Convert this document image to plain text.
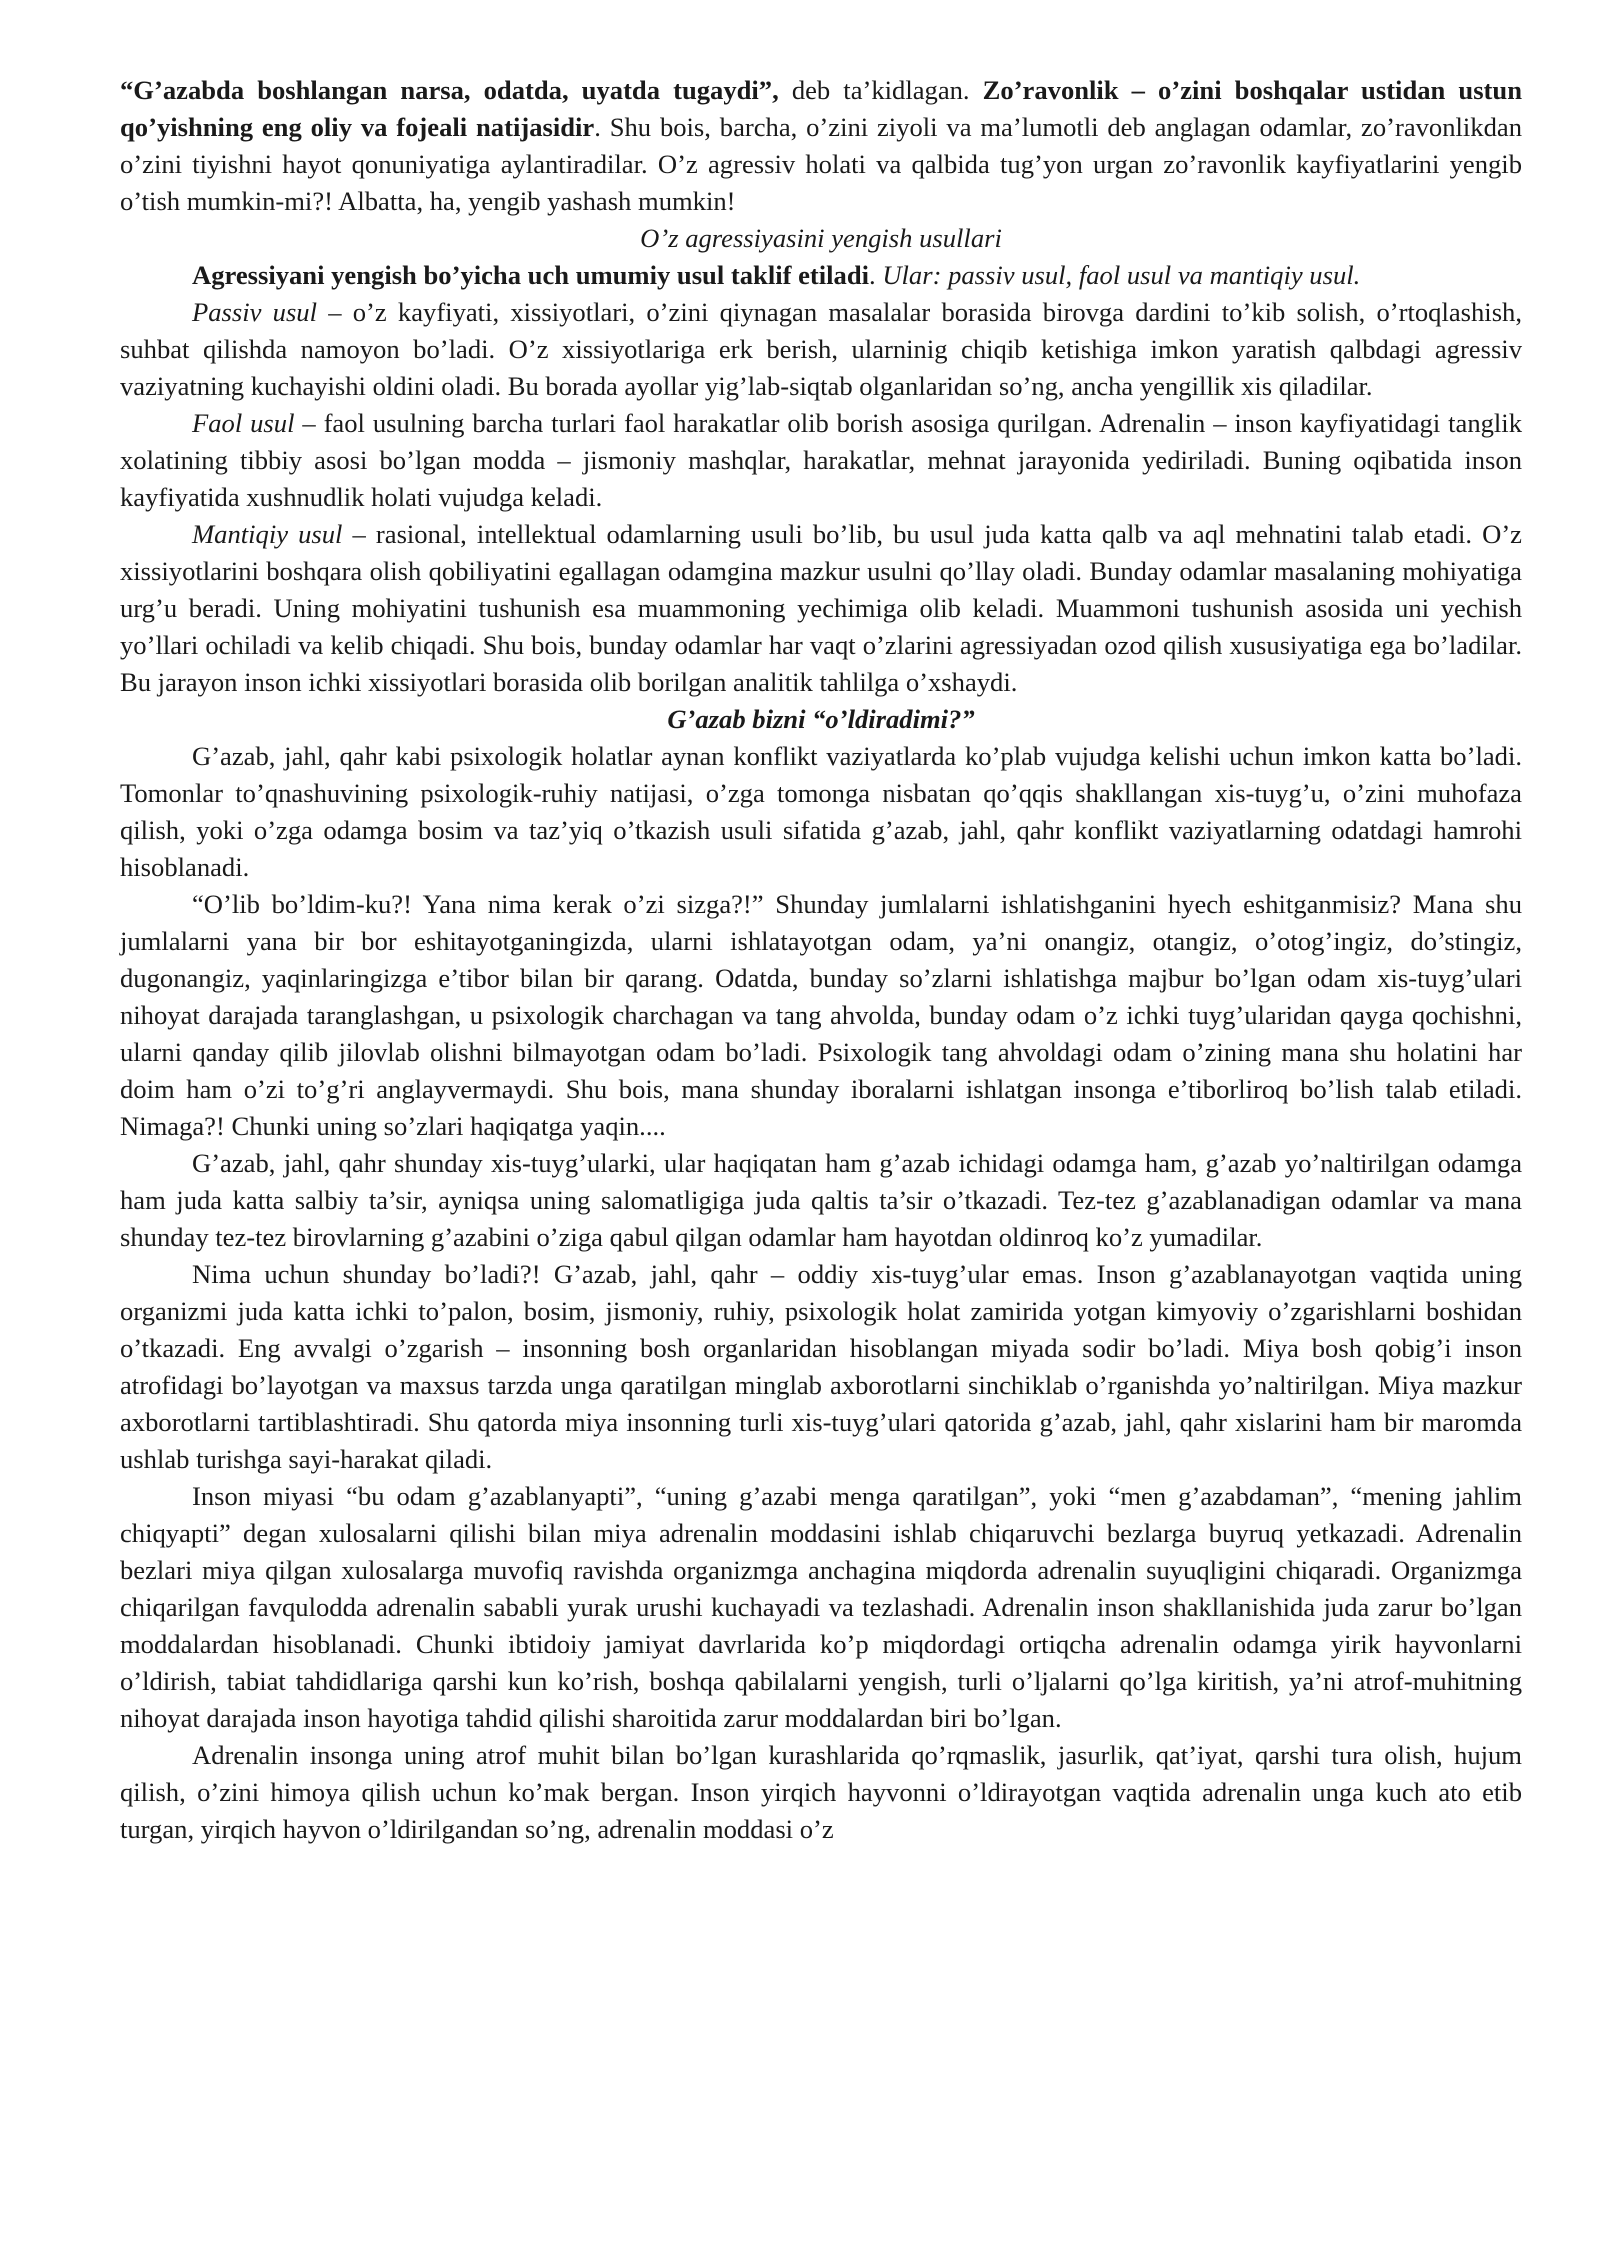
“G’azabda boshlangan narsa, odatda, uyatda tugaydi”, deb ta’kidlagan. Zo’ravonlik – o’zini boshqalar ustidan ustun qo’yishning eng oliy va fojeali natijasidir. Shu bois, barcha, o’zini ziyoli va ma’lumotli deb anglagan odamlar, zo’ravonlikdan o’zini tiyishni hayot qonuniyatiga aylantiradilar. O’z agressiv holati va qalbida tug’yon urgan zo’ravonlik kayfiyatlarini yengib o’tish mumkin-mi?! Albatta, ha, yengib yashash mumkin!

O’z agressiyasini yengish usullari

Agressiyani yengish bo’yicha uch umumiy usul taklif etiladi. Ular: passiv usul, faol usul va mantiqiy usul.

Passiv usul – o’z kayfiyati, xissiyotlari, o’zini qiynagan masalalar borasida birovga dardini to’kib solish, o’rtoqlashish, suhbat qilishda namoyon bo’ladi. O’z xissiyotlariga erk berish, ularninig chiqib ketishiga imkon yaratish qalbdagi agressiv vaziyatning kuchayishi oldini oladi. Bu borada ayollar yig’lab-siqtab olganlaridan so’ng, ancha yengillik xis qiladilar.

Faol usul – faol usulning barcha turlari faol harakatlar olib borish asosiga qurilgan. Adrenalin – inson kayfiyatidagi tanglik xolatining tibbiy asosi bo’lgan modda – jismoniy mashqlar, harakatlar, mehnat jarayonida yediriladi. Buning oqibatida inson kayfiyatida xushnudlik holati vujudga keladi.

Mantiqiy usul – rasional, intellektual odamlarning usuli bo’lib, bu usul juda katta qalb va aql mehnatini talab etadi. O’z xissiyotlarini boshqara olish qobiliyatini egallagan odamgina mazkur usulni qo’llay oladi. Bunday odamlar masalaning mohiyatiga urg’u beradi. Uning mohiyatini tushunish esa muammoning yechimiga olib keladi. Muammoni tushunish asosida uni yechish yo’llari ochiladi va kelib chiqadi. Shu bois, bunday odamlar har vaqt o’zlarini agressiyadan ozod qilish xususiyatiga ega bo’ladilar. Bu jarayon inson ichki xissiyotlari borasida olib borilgan analitik tahlilga o’xshaydi.

G’azab bizni “o’ldiradimi?”

G’azab, jahl, qahr kabi psixologik holatlar aynan konflikt vaziyatlarda ko’plab vujudga kelishi uchun imkon katta bo’ladi. Tomonlar to’qnashuvining psixologik-ruhiy natijasi, o’zga tomonga nisbatan qo’qqis shakllangan xis-tuyg’u, o’zini muhofaza qilish, yoki o’zga odamga bosim va taz’yiq o’tkazish usuli sifatida g’azab, jahl, qahr konflikt vaziyatlarning odatdagi hamrohi hisoblanadi.

“O’lib bo’ldim-ku?! Yana nima kerak o’zi sizga?!” Shunday jumlalarni ishlatishganini hyech eshitganmisiz? Mana shu jumlalarni yana bir bor eshitayotganingizda, ularni ishlatayotgan odam, ya’ni onangiz, otangiz, o’otog’ingiz, do’stingiz, dugonangiz, yaqinlaringizga e’tibor bilan bir qarang. Odatda, bunday so’zlarni ishlatishga majbur bo’lgan odam xis-tuyg’ulari nihoyat darajada taranglashgan, u psixologik charchagan va tang ahvolda, bunday odam o’z ichki tuyg’ularidan qayga qochishni, ularni qanday qilib jilovlab olishni bilmayotgan odam bo’ladi. Psixologik tang ahvoldagi odam o’zining mana shu holatini har doim ham o’zi to’g’ri anglayvermaydi. Shu bois, mana shunday iboralarni ishlatgan insonga e’tiborliroq bo’lish talab etiladi. Nimaga?! Chunki uning so’zlari haqiqatga yaqin....

G’azab, jahl, qahr shunday xis-tuyg’ularki, ular haqiqatan ham g’azab ichidagi odamga ham, g’azab yo’naltirilgan odamga ham juda katta salbiy ta’sir, ayniqsa uning salomatligiga juda qaltis ta’sir o’tkazadi. Tez-tez g’azablanadigan odamlar va mana shunday tez-tez birovlarning g’azabini o’ziga qabul qilgan odamlar ham hayotdan oldinroq ko’z yumadilar.

Nima uchun shunday bo’ladi?! G’azab, jahl, qahr – oddiy xis-tuyg’ular emas. Inson g’azablanayotgan vaqtida uning organizmi juda katta ichki to’palon, bosim, jismoniy, ruhiy, psixologik holat zamirida yotgan kimyoviy o’zgarishlarni boshidan o’tkazadi. Eng avvalgi o’zgarish – insonning bosh organlaridan hisoblangan miyada sodir bo’ladi. Miya bosh qobig’i inson atrofidagi bo’layotgan va maxsus tarzda unga qaratilgan minglab axborotlarni sinchiklab o’rganishda yo’naltirilgan. Miya mazkur axborotlarni tartiblashtiradi. Shu qatorda miya insonning turli xis-tuyg’ulari qatorida g’azab, jahl, qahr xislarini ham bir maromda ushlab turishga sayi-harakat qiladi.

Inson miyasi “bu odam g’azablanyapti”, “uning g’azabi menga qaratilgan”, yoki “men g’azabdaman”, “mening jahlim chiqyapti” degan xulosalarni qilishi bilan miya adrenalin moddasini ishlab chiqaruvchi bezlarga buyruq yetkazadi. Adrenalin bezlari miya qilgan xulosalarga muvofiq ravishda organizmga anchagina miqdorda adrenalin suyuqligini chiqaradi. Organizmga chiqarilgan favqulodda adrenalin sababli yurak urushi kuchayadi va tezlashadi. Adrenalin inson shakllanishida juda zarur bo’lgan moddalardan hisoblanadi. Chunki ibtidoiy jamiyat davrlarida ko’p miqdordagi ortiqcha adrenalin odamga yirik hayvonlarni o’ldirish, tabiat tahdidlariga qarshi kun ko’rish, boshqa qabilalarni yengish, turli o’ljalarni qo’lga kiritish, ya’ni atrof-muhitning nihoyat darajada inson hayotiga tahdid qilishi sharoitida zarur moddalardan biri bo’lgan.

Adrenalin insonga uning atrof muhit bilan bo’lgan kurashlarida qo’rqmaslik, jasurlik, qat’iyat, qarshi tura olish, hujum qilish, o’zini himoya qilish uchun ko’mak bergan. Inson yirqich hayvonni o’ldirayotgan vaqtida adrenalin unga kuch ato etib turgan, yirqich hayvon o’ldirilgandan so’ng, adrenalin moddasi o’z
